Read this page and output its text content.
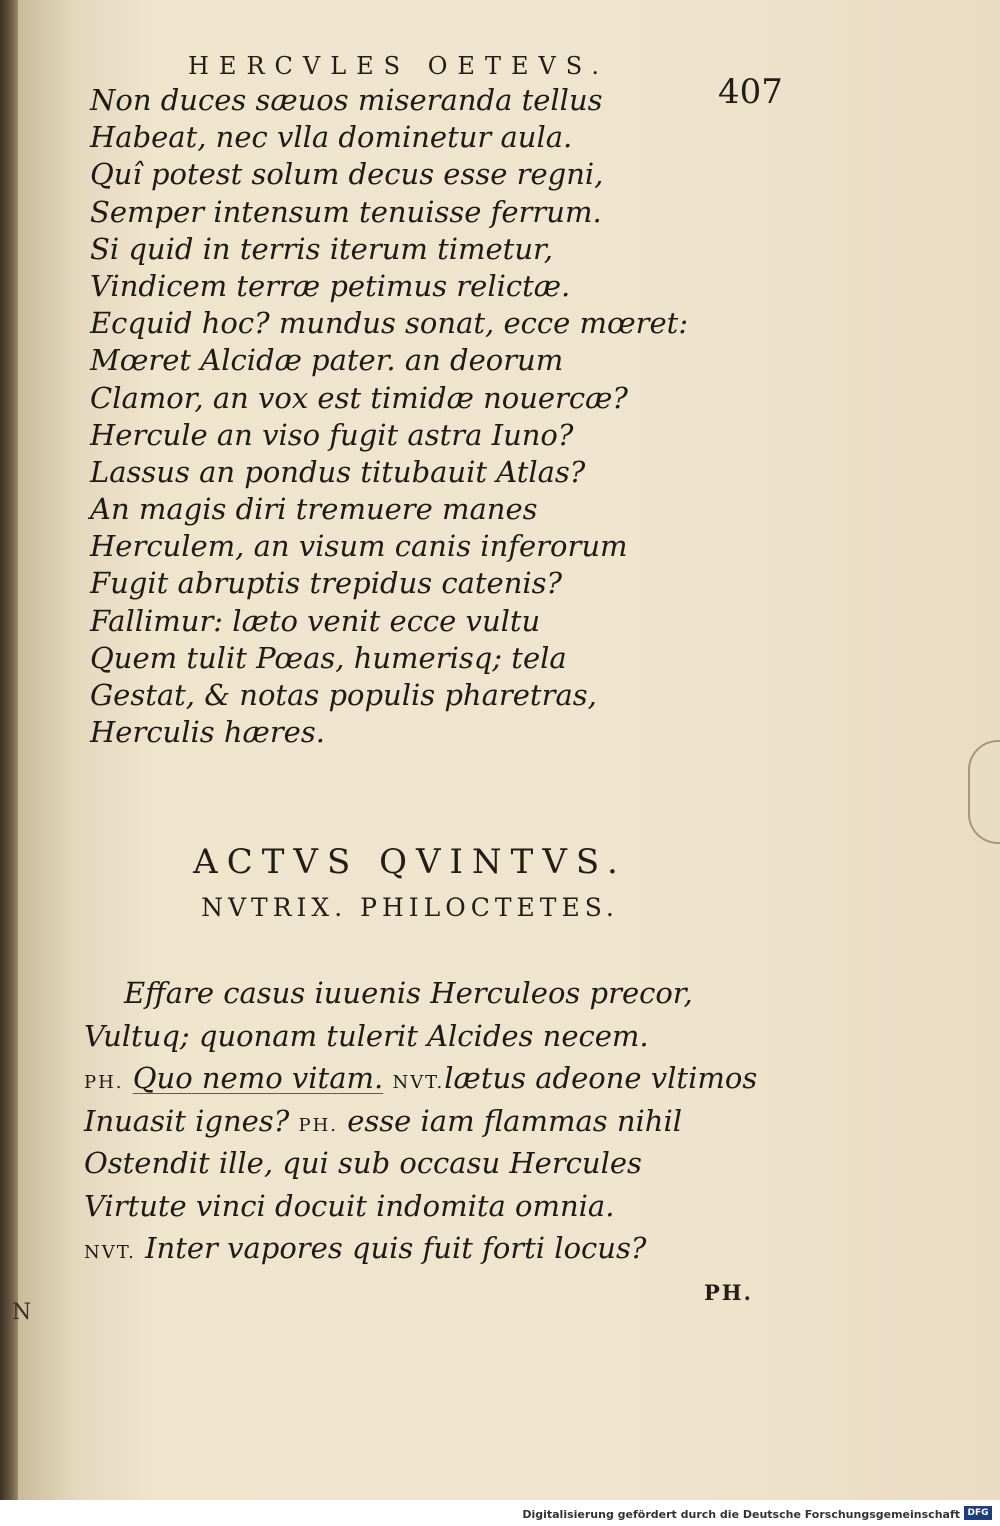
HERCVLES OETEVS.
407
N
Non duces sæuos miseranda tellus
Habeat, nec vlla dominetur aula.
Quî potest solum decus esse regni,
Semper intensum tenuisse ferrum.
Si quid in terris iterum timetur,
Vindicem terræ petimus relictæ.
Ecquid hoc? mundus sonat, ecce mœret:
Mœret Alcidæ pater. an deorum
Clamor, an vox est timidæ nouercæ?
Hercule an viso fugit astra Iuno?
Lassus an pondus titubauit Atlas?
An magis diri tremuere manes
Herculem, an visum canis inferorum
Fugit abruptis trepidus catenis?
Fallimur: læto venit ecce vultu
Quem tulit Pœas, humerisq; tela
Gestat, & notas populis pharetras,
Herculis hæres.
ACTVS QVINTVS.
NVTRIX. PHILOCTETES.
Effare casus iuuenis Herculeos precor,
Vultuq; quonam tulerit Alcides necem.
PH. Quo nemo vitam. NVT.lætus adeone vltimos
Inuasit ignes? PH. esse iam flammas nihil
Ostendit ille, qui sub occasu Hercules
Virtute vinci docuit indomita omnia.
NVT. Inter vapores quis fuit forti locus?
PH.
Digitalisierung gefördert durch die Deutsche Forschungsgemeinschaft DFG
